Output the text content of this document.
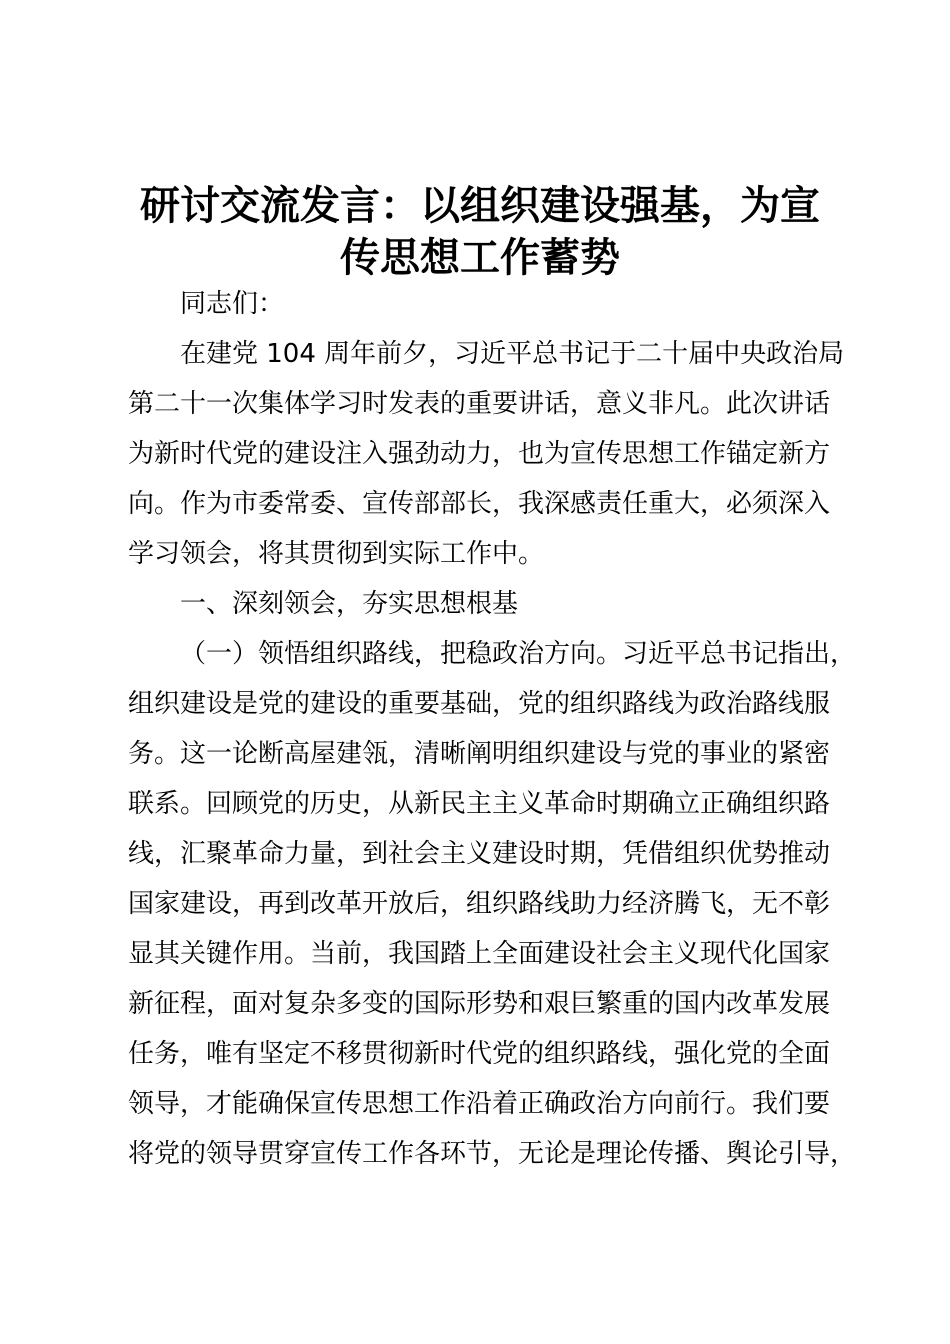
研讨交流发言：以组织建设强基，为宣
传思想工作蓄势

同志们：

在建党 104 周年前夕，习近平总书记于二十届中央政治局

第二十一次集体学习时发表的重要讲话，意义非凡。此次讲话

为新时代党的建设注入强劲动力，也为宣传思想工作锚定新方

向。作为市委常委、宣传部部长，我深感责任重大，必须深入

学习领会，将其贯彻到实际工作中。

一、深刻领会，夯实思想根基

（一）领悟组织路线，把稳政治方向。习近平总书记指出，

组织建设是党的建设的重要基础，党的组织路线为政治路线服

务。这一论断高屋建瓴，清晰阐明组织建设与党的事业的紧密

联系。回顾党的历史，从新民主主义革命时期确立正确组织路

线，汇聚革命力量，到社会主义建设时期，凭借组织优势推动

国家建设，再到改革开放后，组织路线助力经济腾飞，无不彰

显其关键作用。当前，我国踏上全面建设社会主义现代化国家

新征程，面对复杂多变的国际形势和艰巨繁重的国内改革发展

任务，唯有坚定不移贯彻新时代党的组织路线，强化党的全面

领导，才能确保宣传思想工作沿着正确政治方向前行。我们要

将党的领导贯穿宣传工作各环节，无论是理论传播、舆论引导，
